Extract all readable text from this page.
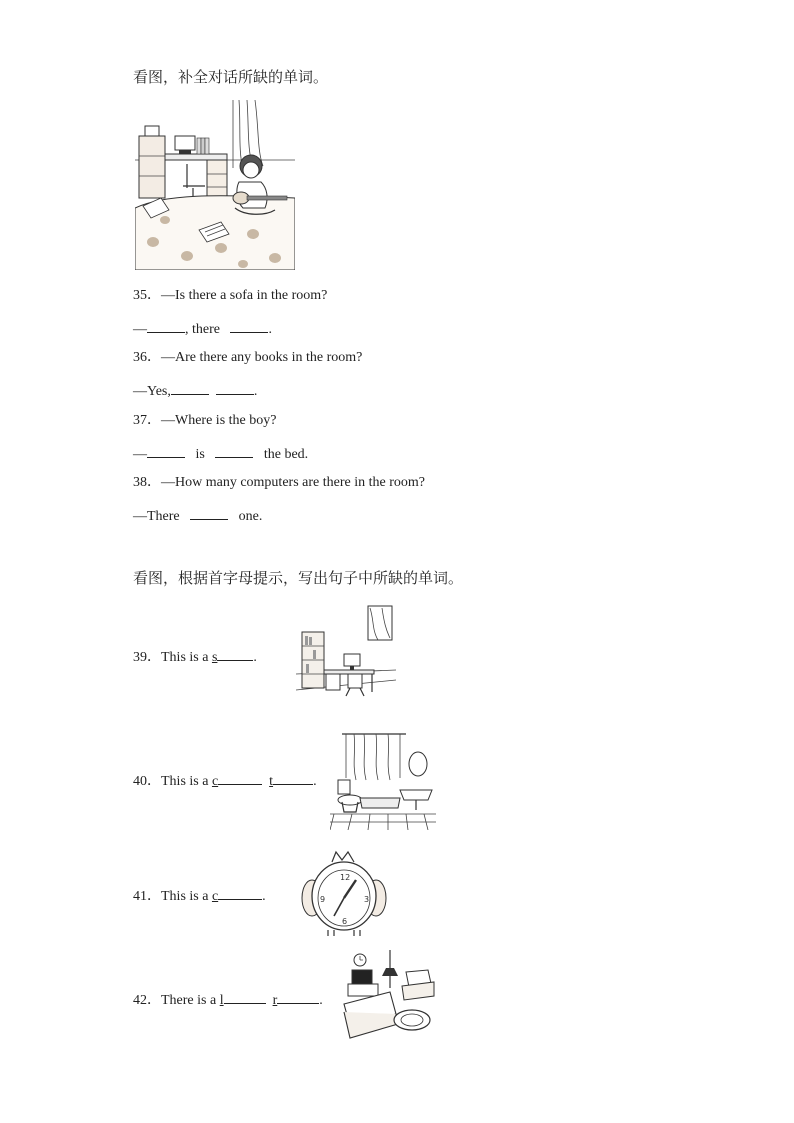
看图，补全对话所缺的单词。
35．—Is there a sofa in the room?
—	, there	.
36．—Are there any books in the room?
—Yes,	.
37．—Where is the boy?
—	is	the bed.
38．—How many computers are there in the room?
—There	one.
看图，根据首字母提示，写出句子中所缺的单词。
39．This is a s	.
40．This is a c	t	.
41．This is a c	.
12
3
6
9
42．There is a l	r	.
